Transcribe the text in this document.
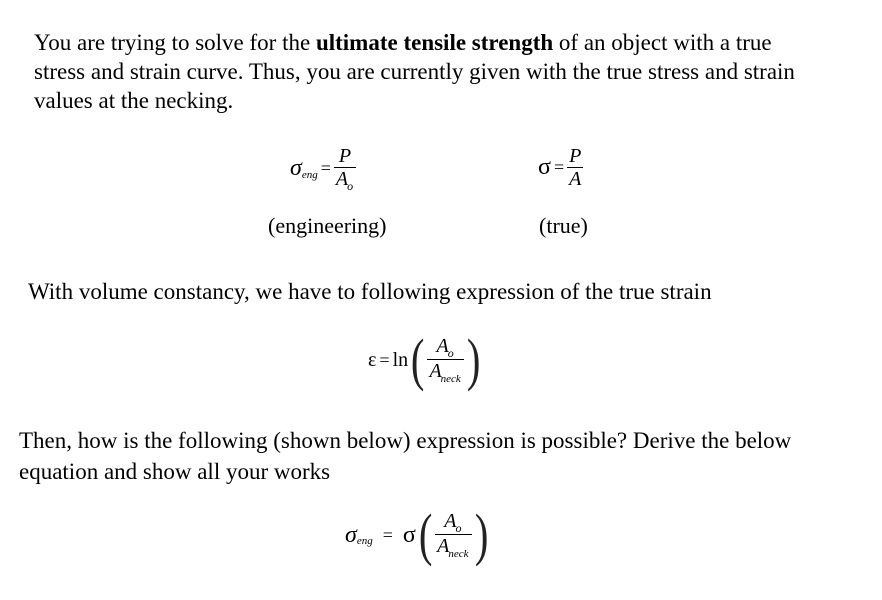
You are trying to solve for the ultimate tensile strength of an object with a true
stress and strain curve. Thus, you are currently given with the true stress and strain
values at the necking.

σ eng = $\frac{P}{A_o}$
(engineering)
$\sigma = \frac{P}{A}$
(true)

With volume constancy, we have to following expression of the true strain

ε = ln ( $\frac{A_o}{A_{neck}}$ )

Then, how is the following (shown below) expression is possible? Derive the below
equation and show all your works

σ eng = σ ( $\frac{A_o}{A_{neck}}$ )
